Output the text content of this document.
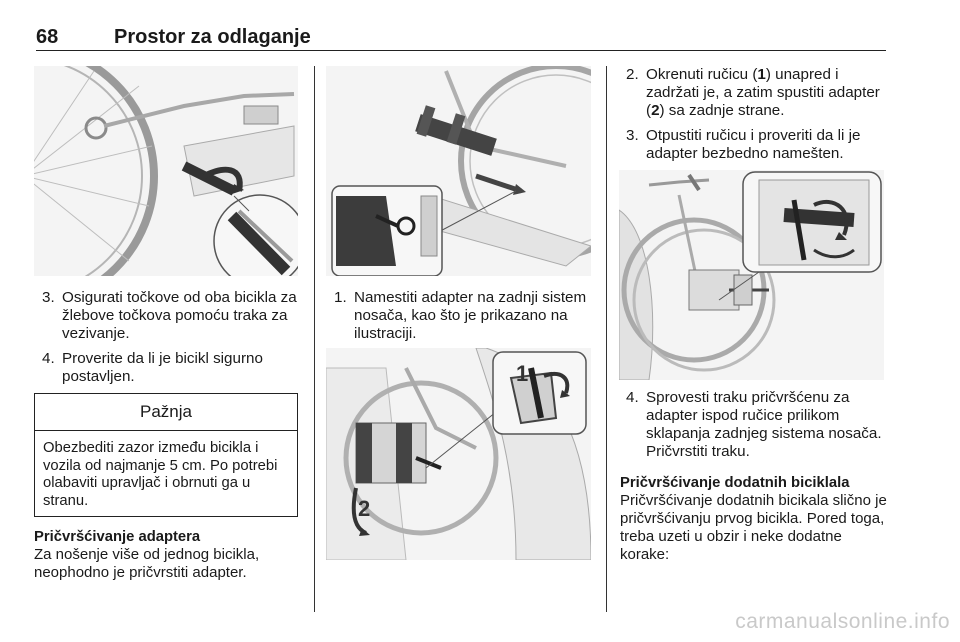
68	Prostor za odlaganje
3. Osigurati točkove od oba bicikla za žlebove točkova pomoću traka za vezivanje.
4. Proverite da li je bicikl sigurno postavljen.
Pažnja
Obezbediti zazor između bicikla i vozila od najmanje 5 cm. Po potrebi olabaviti upravljač i obrnuti ga u stranu.
Pričvršćivanje adaptera

Za nošenje više od jednog bicikla, neophodno je pričvrstiti adapter.

1. Namestiti adapter na zadnji sistem nosača, kao što je prikazano na ilustraciji.
1
2
2. Okrenuti ručicu (1) unapred i zadržati je, a zatim spustiti adapter (2) sa zadnje strane.
3. Otpustiti ručicu i proveriti da li je adapter bezbedno namešten.
4. Sprovesti traku pričvršćenu za adapter ispod ručice prilikom sklapanja zadnjeg sistema nosača. Pričvrstiti traku.
Pričvršćivanje dodatnih biciklala

Pričvršćivanje dodatnih bicikala slično je pričvršćivanju prvog bicikla. Pored toga, treba uzeti u obzir i neke dodatne korake:

carmanualsonline.info
